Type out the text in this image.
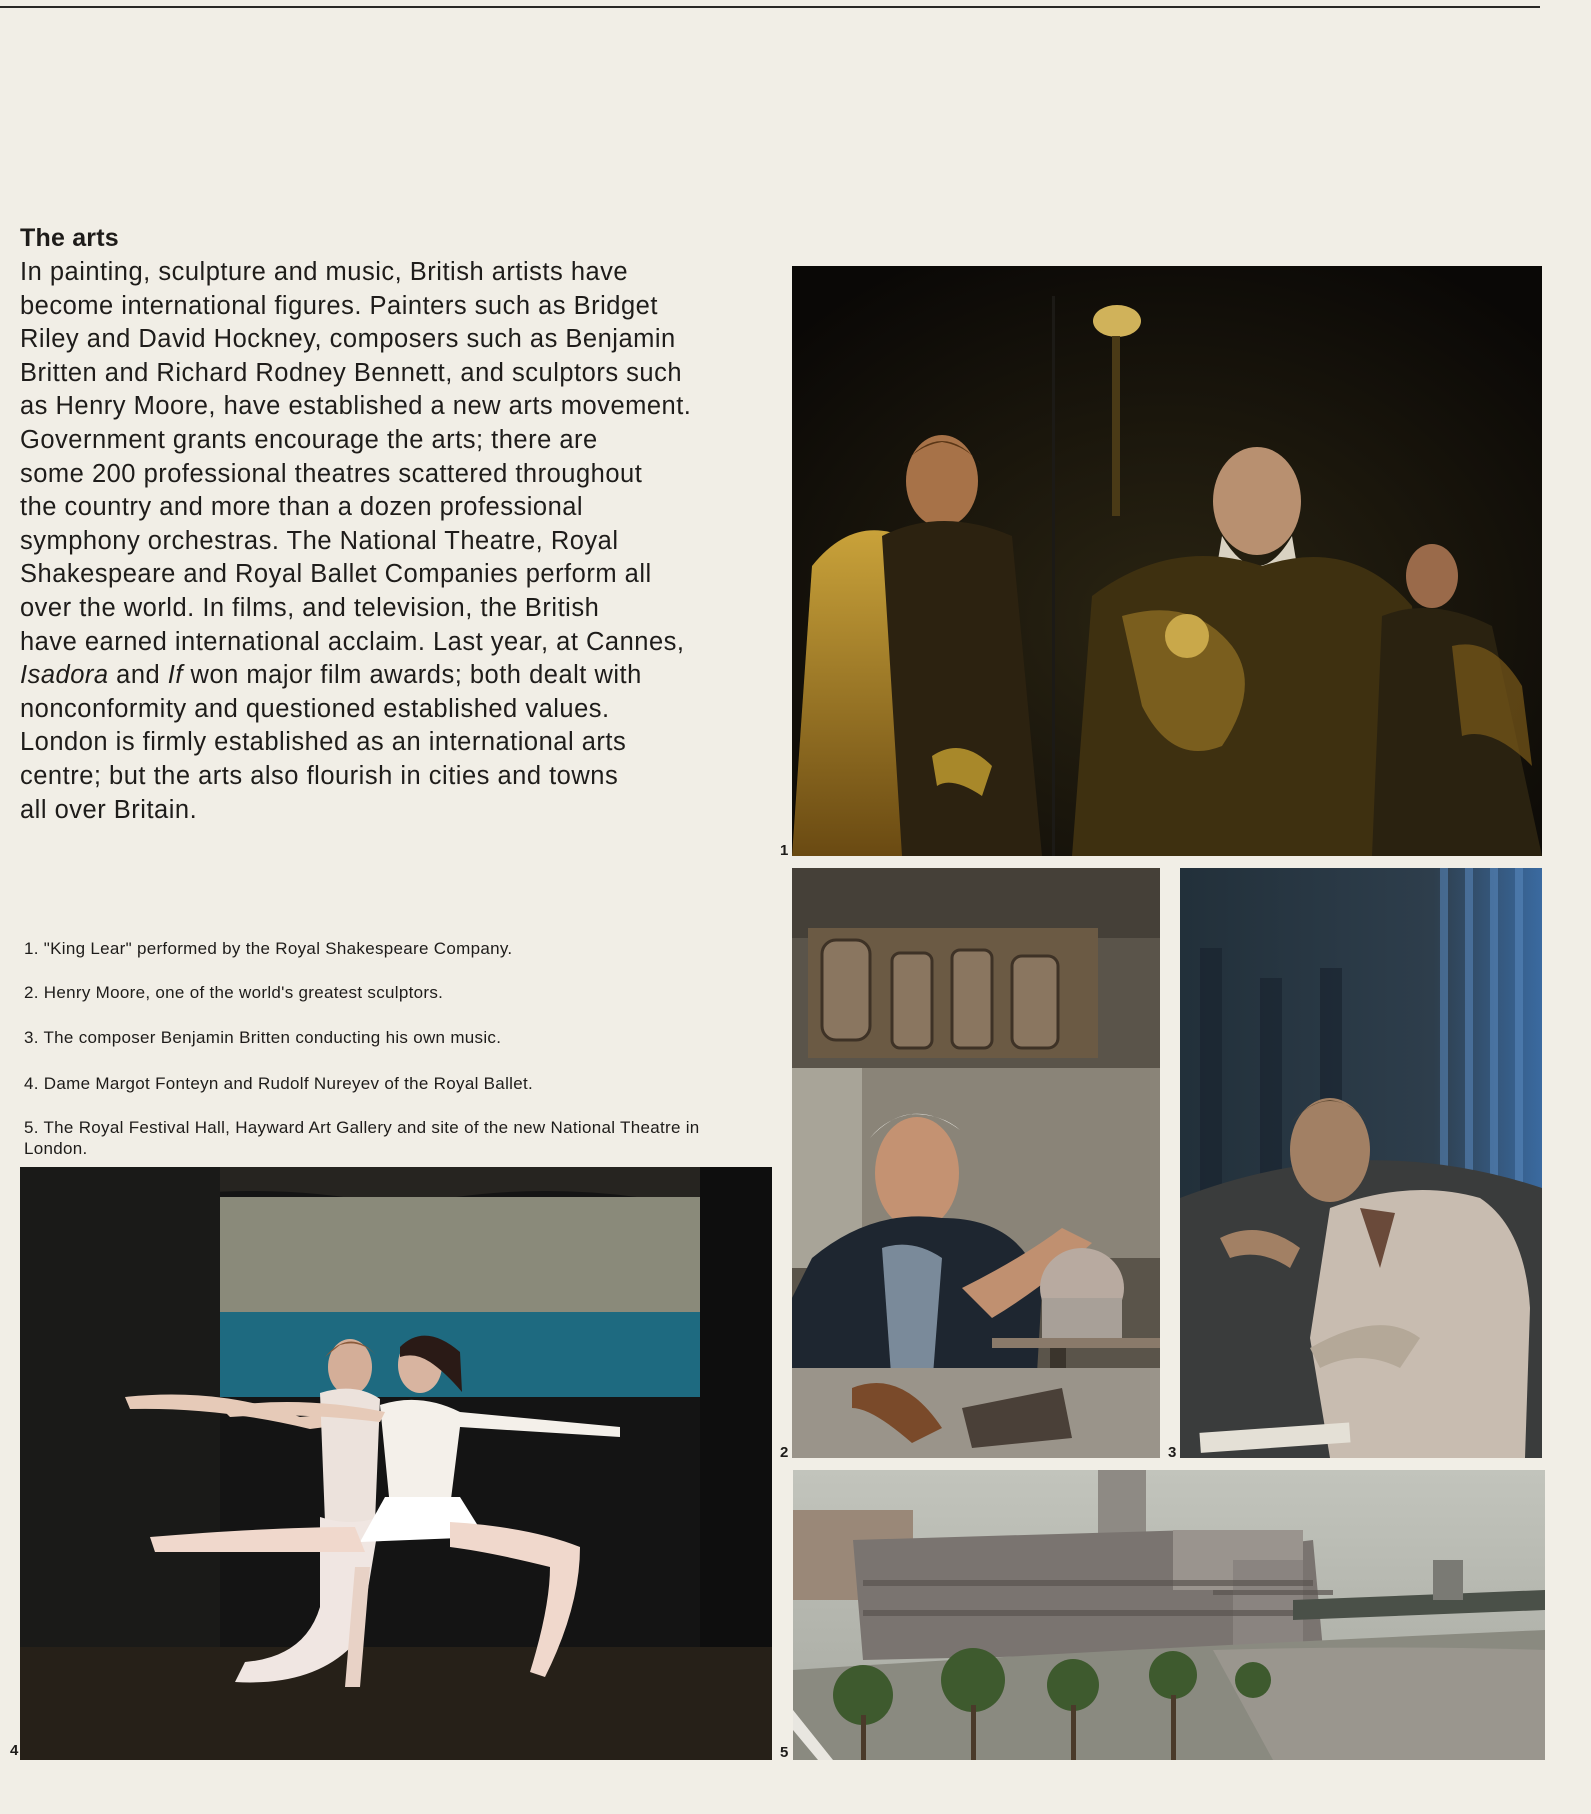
The arts
In painting, sculpture and music, British artists have
become international figures. Painters such as Bridget
Riley and David Hockney, composers such as Benjamin
Britten and Richard Rodney Bennett, and sculptors such
as Henry Moore, have established a new arts movement.
Government grants encourage the arts; there are
some 200 professional theatres scattered throughout
the country and more than a dozen professional
symphony orchestras. The National Theatre, Royal
Shakespeare and Royal Ballet Companies perform all
over the world. In films, and television, the British
have earned international acclaim. Last year, at Cannes,
Isadora and If won major film awards; both dealt with
nonconformity and questioned established values.
London is firmly established as an international arts
centre; but the arts also flourish in cities and towns
all over Britain.
1. "King Lear" performed by the Royal Shakespeare Company.
2. Henry Moore, one of the world's greatest sculptors.
3. The composer Benjamin Britten conducting his own music.
4. Dame Margot Fonteyn and Rudolf Nureyev of the Royal Ballet.
5. The Royal Festival Hall, Hayward Art Gallery and site of the new National Theatre in London.
1
2	3
4	5
